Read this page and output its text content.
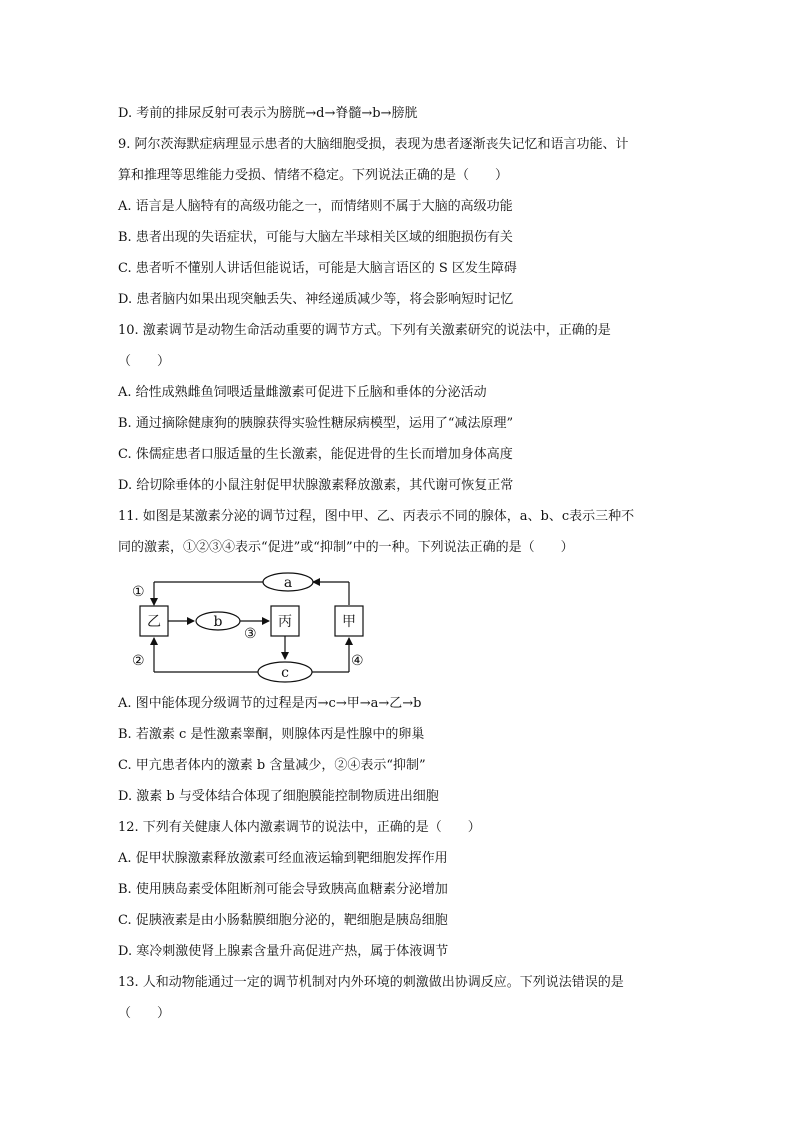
D. 考前的排尿反射可表示为膀胱→d→脊髓→b→膀胱
9. 阿尔茨海默症病理显示患者的大脑细胞受损，表现为患者逐渐丧失记忆和语言功能、计
算和推理等思维能力受损、情绪不稳定。下列说法正确的是（　　）
A. 语言是人脑特有的高级功能之一，而情绪则不属于大脑的高级功能
B. 患者出现的失语症状，可能与大脑左半球相关区域的细胞损伤有关
C. 患者听不懂别人讲话但能说话，可能是大脑言语区的 S 区发生障碍
D. 患者脑内如果出现突触丢失、神经递质减少等，将会影响短时记忆
10. 激素调节是动物生命活动重要的调节方式。下列有关激素研究的说法中，正确的是
（　　）
A. 给性成熟雌鱼饲喂适量雌激素可促进下丘脑和垂体的分泌活动
B. 通过摘除健康狗的胰腺获得实验性糖尿病模型，运用了“减法原理”
C. 侏儒症患者口服适量的生长激素，能促进骨的生长而增加身体高度
D. 给切除垂体的小鼠注射促甲状腺激素释放激素，其代谢可恢复正常
11. 如图是某激素分泌的调节过程，图中甲、乙、丙表示不同的腺体，a、b、c表示三种不
同的激素，①②③④表示“促进”或“抑制”中的一种。下列说法正确的是（　　）
A. 图中能体现分级调节的过程是丙→c→甲→a→乙→b
B. 若激素 c 是性激素睾酮，则腺体丙是性腺中的卵巢
C. 甲亢患者体内的激素 b 含量减少，②④表示“抑制”
D. 激素 b 与受体结合体现了细胞膜能控制物质进出细胞
12. 下列有关健康人体内激素调节的说法中，正确的是（　　）
A. 促甲状腺激素释放激素可经血液运输到靶细胞发挥作用
B. 使用胰岛素受体阻断剂可能会导致胰高血糖素分泌增加
C. 促胰液素是由小肠黏膜细胞分泌的，靶细胞是胰岛细胞
D. 寒冷刺激使肾上腺素含量升高促进产热，属于体液调节
13. 人和动物能通过一定的调节机制对内外环境的刺激做出协调反应。下列说法错误的是
（　　）
乙	丙	甲
a
b
c
①
②
③
④
